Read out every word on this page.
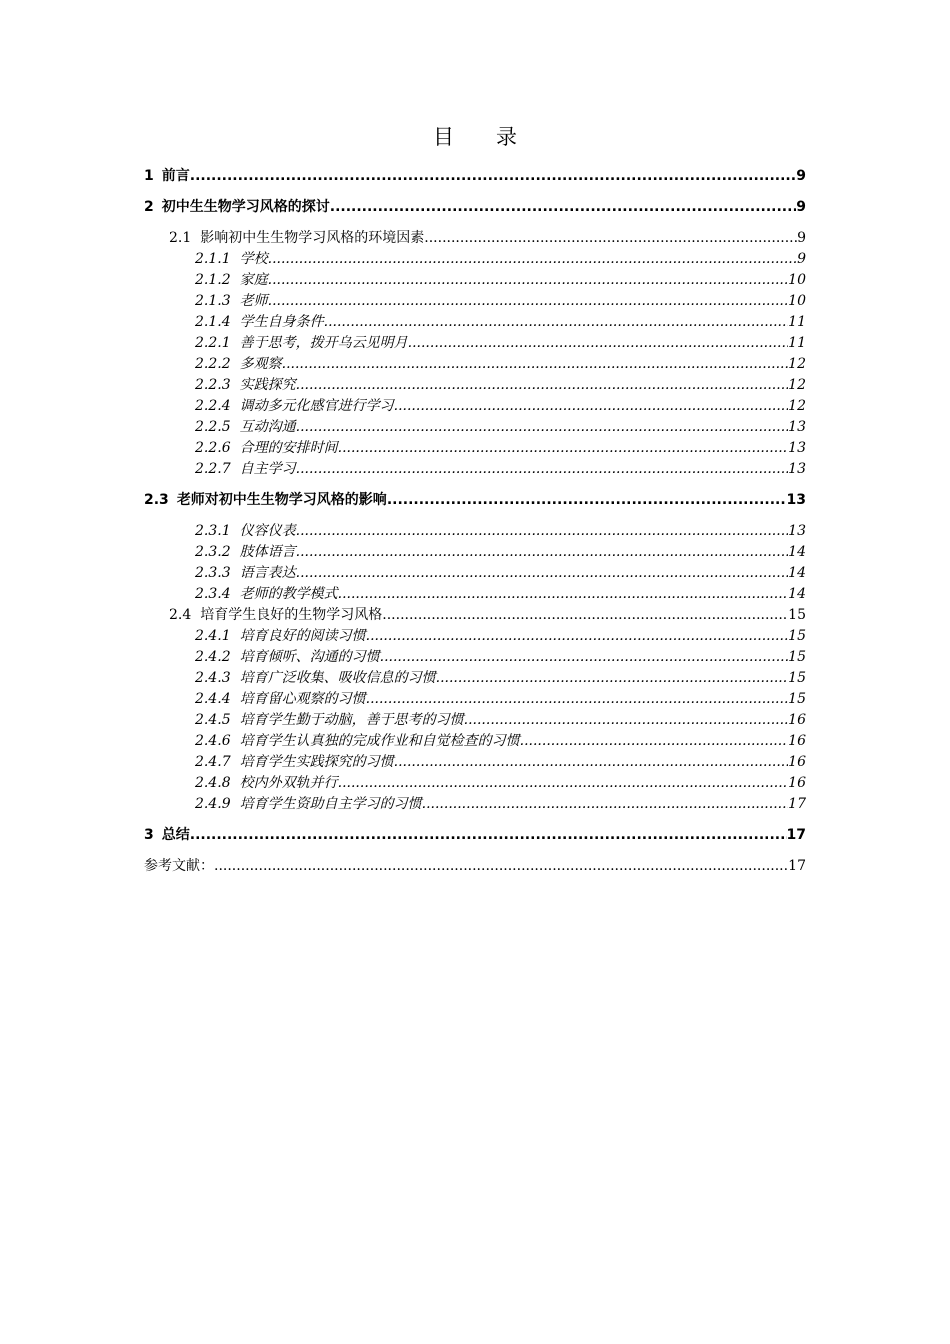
目　　录
1 前言 .....	9
2 初中生生物学习风格的探讨 .....	9
2.1 影响初中生生物学习风格的环境因素 .....	9
2.1.1 学校 .....	9
2.1.2 家庭 .....	10
2.1.3 老师 .....	10
2.1.4 学生自身条件 .....	11
2.2.1 善于思考，拨开乌云见明月 .....	11
2.2.2 多观察 .....	12
2.2.3 实践探究 .....	12
2.2.4 调动多元化感官进行学习 .....	12
2.2.5 互动沟通 .....	13
2.2.6 合理的安排时间 .....	13
2.2.7 自主学习 .....	13
2.3 老师对初中生生物学习风格的影响 .....	13
2.3.1 仪容仪表 .....	13
2.3.2 肢体语言 .....	14
2.3.3 语言表达 .....	14
2.3.4 老师的教学模式 .....	14
2.4 培育学生良好的生物学习风格 .....	15
2.4.1 培育良好的阅读习惯 .....	15
2.4.2 培育倾听、沟通的习惯 .....	15
2.4.3 培育广泛收集、吸收信息的习惯 .....	15
2.4.4 培育留心观察的习惯 .....	15
2.4.5 培育学生勤于动脑，善于思考的习惯 .....	16
2.4.6 培育学生认真独的完成作业和自觉检查的习惯 .....	16
2.4.7 培育学生实践探究的习惯 .....	16
2.4.8 校内外双轨并行 .....	16
2.4.9 培育学生资助自主学习的习惯 .....	17
3 总结 .....	17
参考文献： .....	17
